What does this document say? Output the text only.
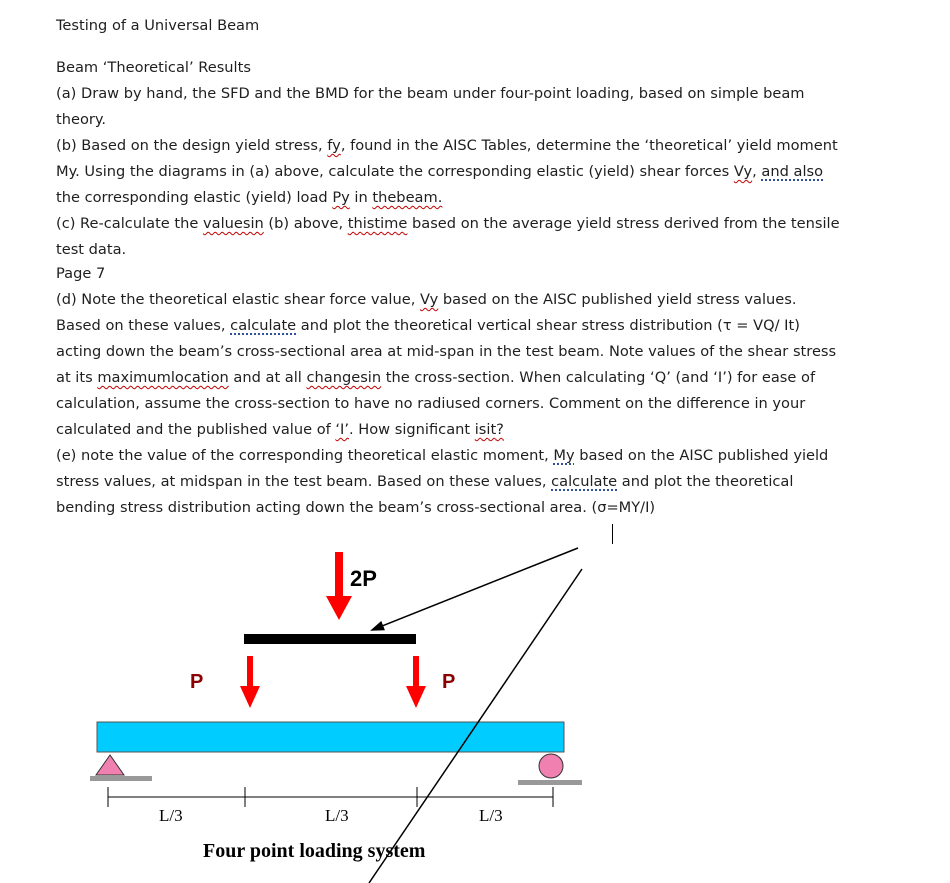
Testing of a Universal Beam
Beam ‘Theoretical’ Results
(a) Draw by hand, the SFD and the BMD for the beam under four-point loading, based on simple beam
theory.
(b) Based on the design yield stress, fy, found in the AISC Tables, determine the ‘theoretical’ yield moment
My. Using the diagrams in (a) above, calculate the corresponding elastic (yield) shear forces Vy, and also
the corresponding elastic (yield) load Py in thebeam.
(c) Re-calculate the valuesin (b) above, thistime based on the average yield stress derived from the tensile
test data.
Page 7
(d) Note the theoretical elastic shear force value, Vy based on the AISC published yield stress values.
Based on these values, calculate and plot the theoretical vertical shear stress distribution (τ = VQ/ It)
acting down the beam’s cross-sectional area at mid-span in the test beam. Note values of the shear stress
at its maximumlocation and at all changesin the cross-section. When calculating ‘Q’ (and ‘I’) for ease of
calculation, assume the cross-section to have no radiused corners. Comment on the difference in your
calculated and the published value of ‘I’. How significant isit?
(e) note the value of the corresponding theoretical elastic moment, My based on the AISC published yield
stress values, at midspan in the test beam. Based on these values, calculate and plot the theoretical
bending stress distribution acting down the beam’s cross-sectional area. (σ=MY/I)
2P
P	P
L/3	L/3	L/3
Four point loading system
